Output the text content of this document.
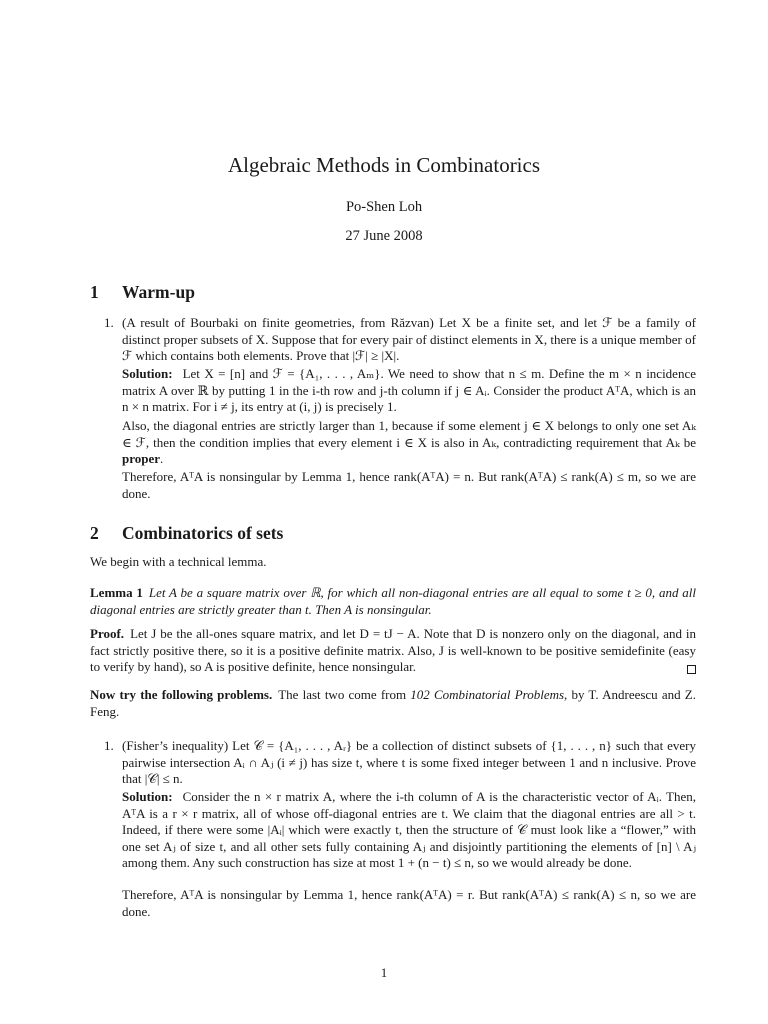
Algebraic Methods in Combinatorics
Po-Shen Loh
27 June 2008
1 Warm-up
1. (A result of Bourbaki on finite geometries, from Răzvan) Let X be a finite set, and let ℱ be a family of distinct proper subsets of X. Suppose that for every pair of distinct elements in X, there is a unique member of ℱ which contains both elements. Prove that |ℱ| ≥ |X|.

Solution: Let X = [n] and ℱ = {A₁, . . . , Aₘ}. We need to show that n ≤ m. Define the m × n incidence matrix A over ℝ by putting 1 in the i-th row and j-th column if j ∈ Aᵢ. Consider the product AᵀA, which is an n × n matrix. For i ≠ j, its entry at (i, j) is precisely 1.

Also, the diagonal entries are strictly larger than 1, because if some element j ∈ X belongs to only one set Aₖ ∈ ℱ, then the condition implies that every element i ∈ X is also in Aₖ, contradicting requirement that Aₖ be proper.

Therefore, AᵀA is nonsingular by Lemma 1, hence rank(AᵀA) = n. But rank(AᵀA) ≤ rank(A) ≤ m, so we are done.

2 Combinatorics of sets

We begin with a technical lemma.

Lemma 1 Let A be a square matrix over ℝ, for which all non-diagonal entries are all equal to some t ≥ 0, and all diagonal entries are strictly greater than t. Then A is nonsingular.

Proof. Let J be the all-ones square matrix, and let D = tJ − A. Note that D is nonzero only on the diagonal, and in fact strictly positive there, so it is a positive definite matrix. Also, J is well-known to be positive semidefinite (easy to verify by hand), so A is positive definite, hence nonsingular.

Now try the following problems. The last two come from 102 Combinatorial Problems, by T. Andreescu and Z. Feng.

1. (Fisher’s inequality) Let 𝒞 = {A₁, . . . , Aᵣ} be a collection of distinct subsets of {1, . . . , n} such that every pairwise intersection Aᵢ ∩ Aⱼ (i ≠ j) has size t, where t is some fixed integer between 1 and n inclusive. Prove that |𝒞| ≤ n.

Solution: Consider the n × r matrix A, where the i-th column of A is the characteristic vector of Aᵢ. Then, AᵀA is a r × r matrix, all of whose off-diagonal entries are t. We claim that the diagonal entries are all > t. Indeed, if there were some |Aᵢ| which were exactly t, then the structure of 𝒞 must look like a “flower,” with one set Aⱼ of size t, and all other sets fully containing Aⱼ and disjointly partitioning the elements of [n] \ Aⱼ among them. Any such construction has size at most 1 + (n − t) ≤ n, so we would already be done.

Therefore, AᵀA is nonsingular by Lemma 1, hence rank(AᵀA) = r. But rank(AᵀA) ≤ rank(A) ≤ n, so we are done.

1
